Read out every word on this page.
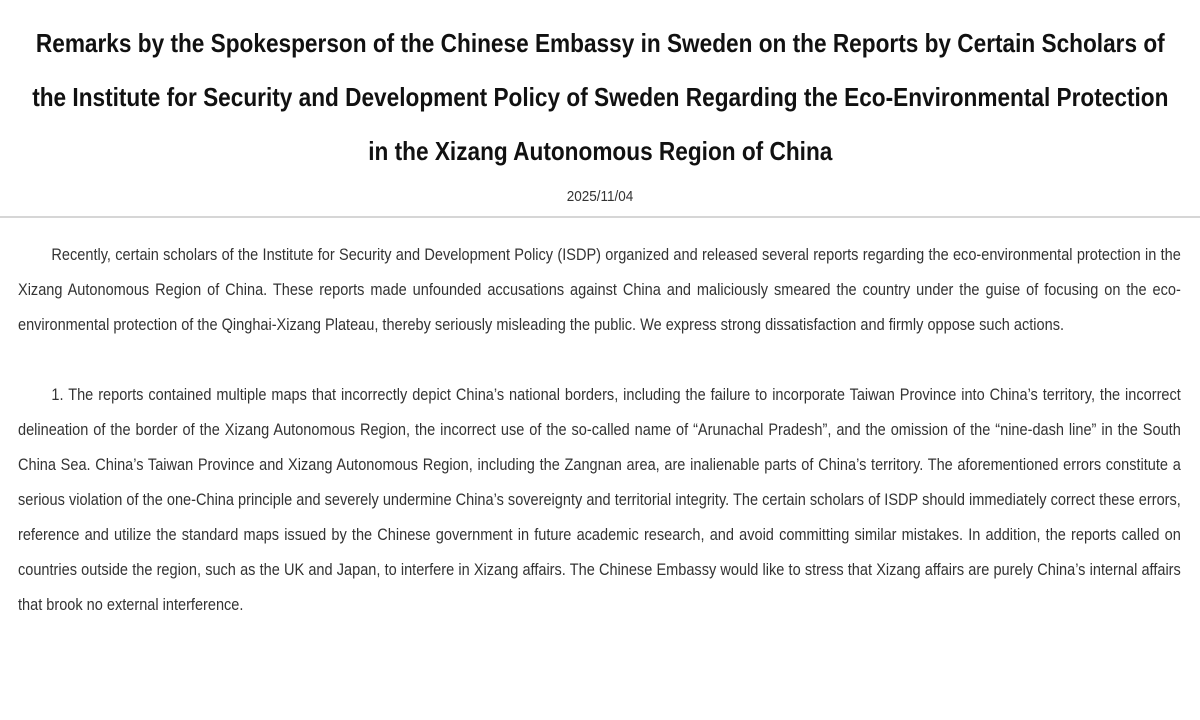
Remarks by the Spokesperson of the Chinese Embassy in Sweden on the Reports by Certain Scholars of the Institute for Security and Development Policy of Sweden Regarding the Eco-Environmental Protection in the Xizang Autonomous Region of China
2025/11/04

Recently, certain scholars of the Institute for Security and Development Policy (ISDP) organized and released several reports regarding the eco-environmental protection in the Xizang Autonomous Region of China. These reports made unfounded accusations against China and maliciously smeared the country under the guise of focusing on the eco-environmental protection of the Qinghai-Xizang Plateau, thereby seriously misleading the public. We express strong dissatisfaction and firmly oppose such actions.

1. The reports contained multiple maps that incorrectly depict China’s national borders, including the failure to incorporate Taiwan Province into China’s territory, the incorrect delineation of the border of the Xizang Autonomous Region, the incorrect use of the so-called name of “Arunachal Pradesh”, and the omission of the “nine-dash line” in the South China Sea. China’s Taiwan Province and Xizang Autonomous Region, including the Zangnan area, are inalienable parts of China’s territory. The aforementioned errors constitute a serious violation of the one-China principle and severely undermine China’s sovereignty and territorial integrity. The certain scholars of ISDP should immediately correct these errors, reference and utilize the standard maps issued by the Chinese government in future academic research, and avoid committing similar mistakes. In addition, the reports called on countries outside the region, such as the UK and Japan, to interfere in Xizang affairs. The Chinese Embassy would like to stress that Xizang affairs are purely China’s internal affairs that brook no external interference.
